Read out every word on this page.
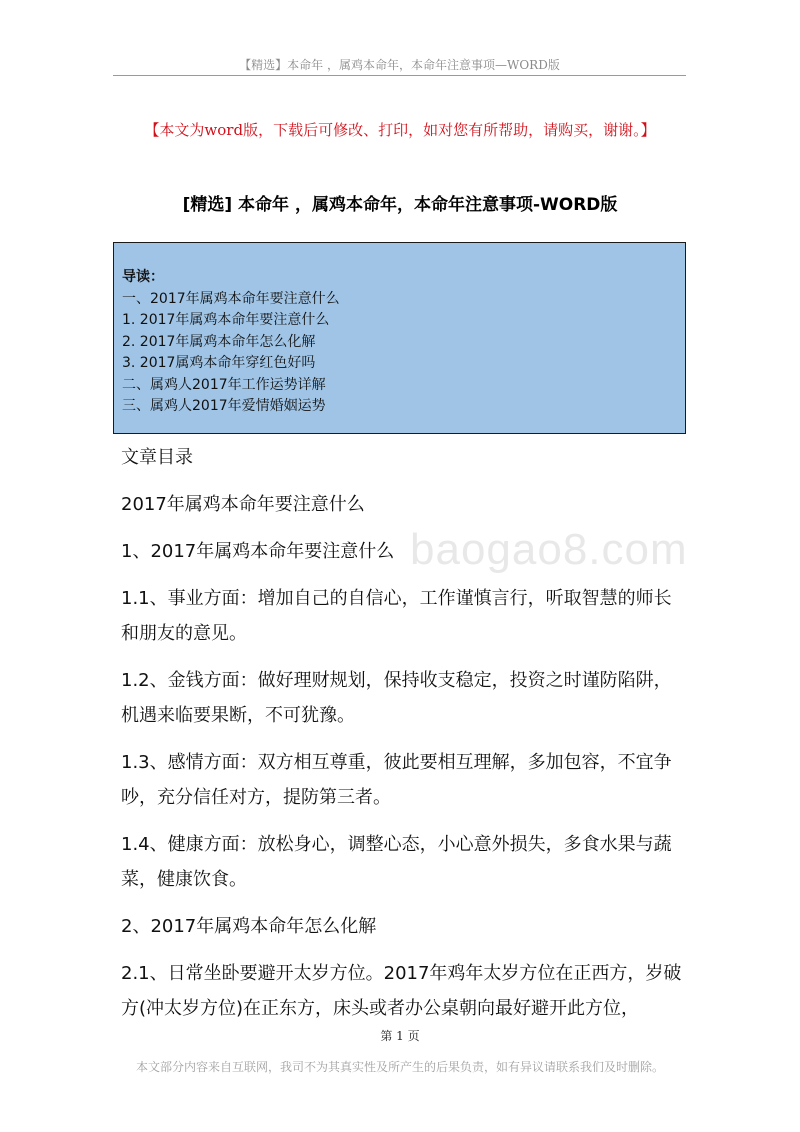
【精选】本命年 ，属鸡本命年，本命年注意事项—WORD版
【本文为word版，下载后可修改、打印，如对您有所帮助，请购买，谢谢。】
[精选] 本命年 ，属鸡本命年，本命年注意事项-WORD版
导读：
一、2017年属鸡本命年要注意什么
1. 2017年属鸡本命年要注意什么
2. 2017年属鸡本命年怎么化解
3. 2017属鸡本命年穿红色好吗
二、属鸡人2017年工作运势详解
三、属鸡人2017年爱情婚姻运势
baogao8.com

文章目录

2017年属鸡本命年要注意什么

1、2017年属鸡本命年要注意什么

1.1、事业方面：增加自己的自信心，工作谨慎言行，听取智慧的师长和朋友的意见。

1.2、金钱方面：做好理财规划，保持收支稳定，投资之时谨防陷阱，机遇来临要果断，不可犹豫。

1.3、感情方面：双方相互尊重，彼此要相互理解，多加包容，不宜争吵，充分信任对方，提防第三者。

1.4、健康方面：放松身心，调整心态，小心意外损失，多食水果与蔬菜，健康饮食。

2、2017年属鸡本命年怎么化解

2.1、日常坐卧要避开太岁方位。2017年鸡年太岁方位在正西方，岁破方(冲太岁方位)在正东方，床头或者办公桌朝向最好避开此方位，

第 1 页
本文部分内容来自互联网，我司不为其真实性及所产生的后果负责，如有异议请联系我们及时删除。
